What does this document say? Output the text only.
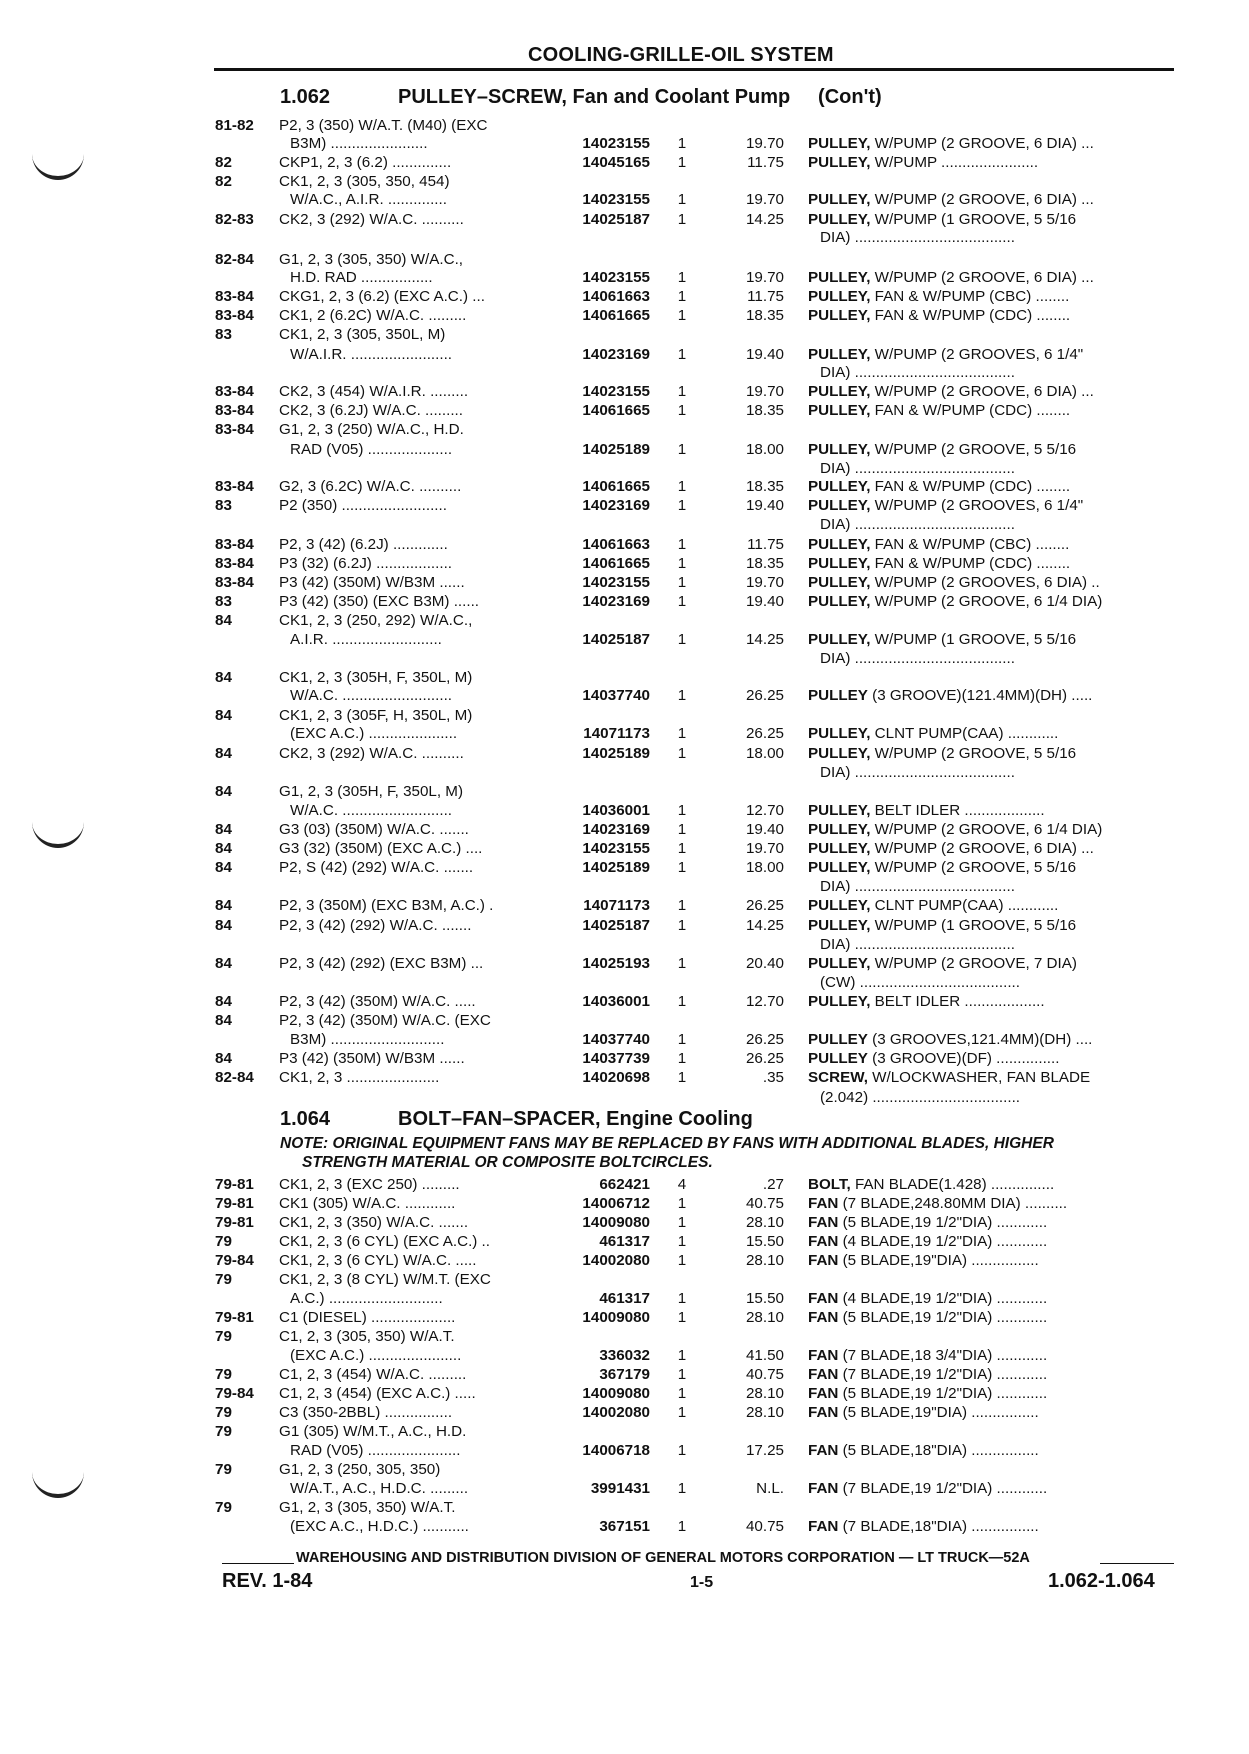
COOLING-GRILLE-OIL SYSTEM
1.062	PULLEY–SCREW, Fan and Coolant Pump (Con't)
1.064	BOLT–FAN–SPACER, Engine Cooling
NOTE: ORIGINAL EQUIPMENT FANS MAY BE REPLACED BY FANS WITH ADDITIONAL BLADES, HIGHER
STRENGTH MATERIAL OR COMPOSITE BOLTCIRCLES.
81-82 P2, 3 (350) W/A.T. (M40) (EXC
B3M) .......................	14023155	1	19.70 PULLEY, W/PUMP (2 GROOVE, 6 DIA) ...
82	CKP1, 2, 3 (6.2) ..............	14045165	1	11.75 PULLEY, W/PUMP .......................
82	CK1, 2, 3 (305, 350, 454)
W/A.C., A.I.R. ..............	14023155	1	19.70 PULLEY, W/PUMP (2 GROOVE, 6 DIA) ...
82-83 CK2, 3 (292) W/A.C. ..........	14025187	1	14.25 PULLEY, W/PUMP (1 GROOVE, 5 5/16
DIA) ......................................
82-84 G1, 2, 3 (305, 350) W/A.C.,
H.D. RAD .................	14023155	1	19.70 PULLEY, W/PUMP (2 GROOVE, 6 DIA) ...
83-84 CKG1, 2, 3 (6.2) (EXC A.C.) ...	14061663	1	11.75 PULLEY, FAN & W/PUMP (CBC) ........
83-84 CK1, 2 (6.2C) W/A.C. .........	14061665	1	18.35 PULLEY, FAN & W/PUMP (CDC) ........
83	CK1, 2, 3 (305, 350L, M)
W/A.I.R. ........................	14023169	1	19.40 PULLEY, W/PUMP (2 GROOVES, 6 1/4"
DIA) ......................................
83-84 CK2, 3 (454) W/A.I.R. .........	14023155	1	19.70 PULLEY, W/PUMP (2 GROOVE, 6 DIA) ...
83-84 CK2, 3 (6.2J) W/A.C. .........	14061665	1	18.35 PULLEY, FAN & W/PUMP (CDC) ........
83-84 G1, 2, 3 (250) W/A.C., H.D.
RAD (V05) ....................	14025189	1	18.00 PULLEY, W/PUMP (2 GROOVE, 5 5/16
DIA) ......................................
83-84 G2, 3 (6.2C) W/A.C. ..........	14061665	1	18.35 PULLEY, FAN & W/PUMP (CDC) ........
83	P2 (350) .........................	14023169	1	19.40 PULLEY, W/PUMP (2 GROOVES, 6 1/4"
DIA) ......................................
83-84 P2, 3 (42) (6.2J) .............	14061663	1	11.75 PULLEY, FAN & W/PUMP (CBC) ........
83-84 P3 (32) (6.2J) ..................	14061665	1	18.35 PULLEY, FAN & W/PUMP (CDC) ........
83-84 P3 (42) (350M) W/B3M ......	14023155	1	19.70 PULLEY, W/PUMP (2 GROOVES, 6 DIA) ..
83	P3 (42) (350) (EXC B3M) ......	14023169	1	19.40 PULLEY, W/PUMP (2 GROOVE, 6 1/4 DIA)
84	CK1, 2, 3 (250, 292) W/A.C.,
A.I.R. ..........................	14025187	1	14.25 PULLEY, W/PUMP (1 GROOVE, 5 5/16
DIA) ......................................
84	CK1, 2, 3 (305H, F, 350L, M)
W/A.C. ..........................	14037740	1	26.25 PULLEY (3 GROOVE)(121.4MM)(DH) .....
84	CK1, 2, 3 (305F, H, 350L, M)
(EXC A.C.) .....................	14071173	1	26.25 PULLEY, CLNT PUMP(CAA) ............
84	CK2, 3 (292) W/A.C. ..........	14025189	1	18.00 PULLEY, W/PUMP (2 GROOVE, 5 5/16
DIA) ......................................
84	G1, 2, 3 (305H, F, 350L, M)
W/A.C. ..........................	14036001	1	12.70 PULLEY, BELT IDLER ...................
84	G3 (03) (350M) W/A.C. .......	14023169	1	19.40 PULLEY, W/PUMP (2 GROOVE, 6 1/4 DIA)
84	G3 (32) (350M) (EXC A.C.) ....	14023155	1	19.70 PULLEY, W/PUMP (2 GROOVE, 6 DIA) ...
84	P2, S (42) (292) W/A.C. .......	14025189	1	18.00 PULLEY, W/PUMP (2 GROOVE, 5 5/16
DIA) ......................................
84	P2, 3 (350M) (EXC B3M, A.C.) .	14071173	1	26.25 PULLEY, CLNT PUMP(CAA) ............
84	P2, 3 (42) (292) W/A.C. .......	14025187	1	14.25 PULLEY, W/PUMP (1 GROOVE, 5 5/16
DIA) ......................................
84	P2, 3 (42) (292) (EXC B3M) ...	14025193	1	20.40 PULLEY, W/PUMP (2 GROOVE, 7 DIA)
(CW) ......................................
84	P2, 3 (42) (350M) W/A.C. .....	14036001	1	12.70 PULLEY, BELT IDLER ...................
84	P2, 3 (42) (350M) W/A.C. (EXC
B3M) ...........................	14037740	1	26.25 PULLEY (3 GROOVES,121.4MM)(DH) ....
84	P3 (42) (350M) W/B3M ......	14037739	1	26.25 PULLEY (3 GROOVE)(DF) ...............
82-84 CK1, 2, 3 ......................	14020698	1	.35 SCREW, W/LOCKWASHER, FAN BLADE
(2.042) ...................................
79-81 CK1, 2, 3 (EXC 250) .........	662421	4	.27 BOLT, FAN BLADE(1.428) ...............
79-81 CK1 (305) W/A.C. ............	14006712	1	40.75 FAN (7 BLADE,248.80MM DIA) ..........
79-81 CK1, 2, 3 (350) W/A.C. .......	14009080	1	28.10 FAN (5 BLADE,19 1/2"DIA) ............
79	CK1, 2, 3 (6 CYL) (EXC A.C.) ..	461317	1	15.50 FAN (4 BLADE,19 1/2"DIA) ............
79-84 CK1, 2, 3 (6 CYL) W/A.C. .....	14002080	1	28.10 FAN (5 BLADE,19"DIA) ................
79	CK1, 2, 3 (8 CYL) W/M.T. (EXC
A.C.) ...........................	461317	1	15.50 FAN (4 BLADE,19 1/2"DIA) ............
79-81 C1 (DIESEL) ....................	14009080	1	28.10 FAN (5 BLADE,19 1/2"DIA) ............
79	C1, 2, 3 (305, 350) W/A.T.
(EXC A.C.) ......................	336032	1	41.50 FAN (7 BLADE,18 3/4"DIA) ............
79	C1, 2, 3 (454) W/A.C. .........	367179	1	40.75 FAN (7 BLADE,19 1/2"DIA) ............
79-84 C1, 2, 3 (454) (EXC A.C.) .....	14009080	1	28.10 FAN (5 BLADE,19 1/2"DIA) ............
79	C3 (350-2BBL) ................	14002080	1	28.10 FAN (5 BLADE,19"DIA) ................
79	G1 (305) W/M.T., A.C., H.D.
RAD (V05) ......................	14006718	1	17.25 FAN (5 BLADE,18"DIA) ................
79	G1, 2, 3 (250, 305, 350)
W/A.T., A.C., H.D.C. .........	3991431	1	N.L. FAN (7 BLADE,19 1/2"DIA) ............
79	G1, 2, 3 (305, 350) W/A.T.
(EXC A.C., H.D.C.) ...........	367151	1	40.75 FAN (7 BLADE,18"DIA) ................
WAREHOUSING AND DISTRIBUTION DIVISION OF GENERAL MOTORS CORPORATION — LT TRUCK—52A
REV. 1-84	1-5	1.062-1.064
